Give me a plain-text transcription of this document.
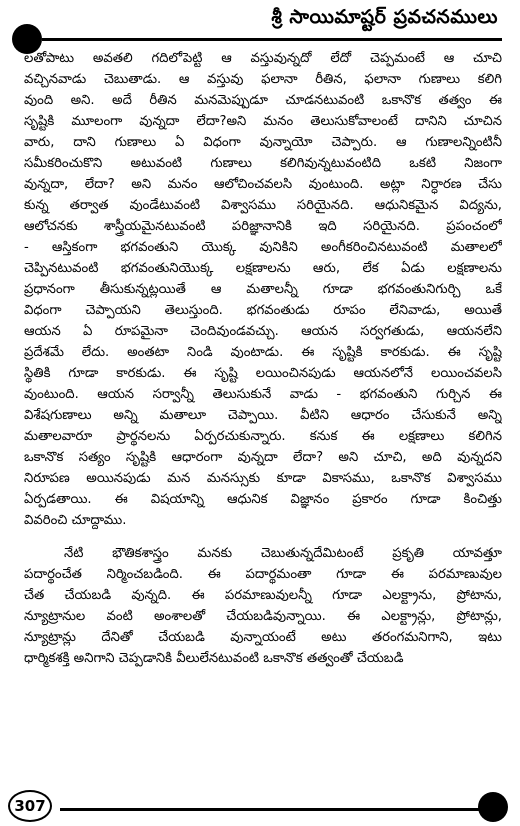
శ్రీ సాయిమాష్టర్ ప్రవచనములు
లతోపాటు అవతలి గదిలోపెట్టి ఆ వస్తువున్నదో లేదో చెప్పమంటే ఆ చూచి
వచ్చినవాడు చెబుతాడు. ఆ వస్తువు ఫలానా రీతిన, ఫలానా గుణాలు కలిగి
వుంది అని. అదే రీతిన మనమెప్పుడూ చూడనటువంటి ఒకానొక తత్వం ఈ
సృష్టికి మూలంగా వున్నదా లేదా?అని మనం తెలుసుకోవాలంటే దానిని చూచిన
వారు, దాని గుణాలు ఏ విధంగా వున్నాయో చెప్పారు. ఆ గుణాలన్నింటినీ
సమీకరించుకొని అటువంటి గుణాలు కలిగివున్నటువంటిది ఒకటి నిజంగా
వున్నదా, లేదా? అని మనం ఆలోచించవలసి వుంటుంది. అట్లా నిర్ధారణ చేసు
కున్న తర్వాత వుండేటువంటి విశ్వాసము సరియైనది. ఆధునికమైన విద్యను,
ఆలోచనకు శాస్త్రీయమైనటువంటి పరిజ్ఞానానికి ఇది సరియైనది. ప్రపంచంలో
- ఆస్తికంగా భగవంతుని యొక్క వునికిని అంగీకరించినటువంటి మతాలలో
చెప్పినటువంటి భగవంతునియొక్క లక్షణాలను ఆరు, లేక ఏడు లక్షణాలను
ప్రధానంగా తీసుకున్నట్లయితే ఆ మతాలన్నీ గూడా భగవంతునిగుర్చి ఒకే
విధంగా చెప్పాయని తెలుస్తుంది. భగవంతుడు రూపం లేనివాడు, అయితే
ఆయన ఏ రూపమైనా చెందివుండవచ్చు. ఆయన సర్వగతుడు, ఆయనలేని
ప్రదేశమే లేదు. అంతటా నిండి వుంటాడు. ఈ సృష్టికి కారకుడు. ఈ సృష్టి
స్థితికి గూడా కారకుడు. ఈ సృష్టి లయించినపుడు ఆయనలోనే లయించవలసి
వుంటుంది. ఆయన సర్వాన్నీ తెలుసుకునే వాడు - భగవంతుని గుర్చిన ఈ
విశేషగుణాలు అన్ని మతాలూ చెప్పాయి. వీటిని ఆధారం చేసుకునే అన్ని
మతాలవారూ ప్రార్థనలను ఏర్పరచుకున్నారు. కనుక ఈ లక్షణాలు కలిగిన
ఒకానొక సత్యం సృష్టికి ఆధారంగా వున్నదా లేదా? అని చూచి, అది వున్నదని
నిరూపణ అయినపుడు మన మనస్సుకు కూడా వికాసము, ఒకానొక విశ్వాసము
ఏర్పడతాయి. ఈ విషయాన్ని ఆధునిక విజ్ఞానం ప్రకారం గూడా కించిత్తు
వివరించి చూద్దాము.
నేటి భౌతికశాస్త్రం మనకు చెబుతున్నదేమిటంటే ప్రకృతి యావత్తూ
పదార్థంచేత నిర్మించబడింది. ఈ పదార్థమంతా గూడా ఈ పరమాణువుల
చేత చేయబడి వున్నది. ఈ పరమాణువులన్నీ గూడా ఎలక్ట్రాను, ప్రోటాను,
న్యూట్రానుల వంటి అంశాలతో చేయబడివున్నాయి. ఈ ఎలక్ట్రాన్లు, ప్రోటాన్లు,
న్యూట్రాన్లు దేనితో చేయబడి వున్నాయంటే అటు తరంగమనిగాని, ఇటు
ధార్మికశక్తి అనిగాని చెప్పడానికి వీలులేనటువంటి ఒకానొక తత్వంతో చేయబడి
307
